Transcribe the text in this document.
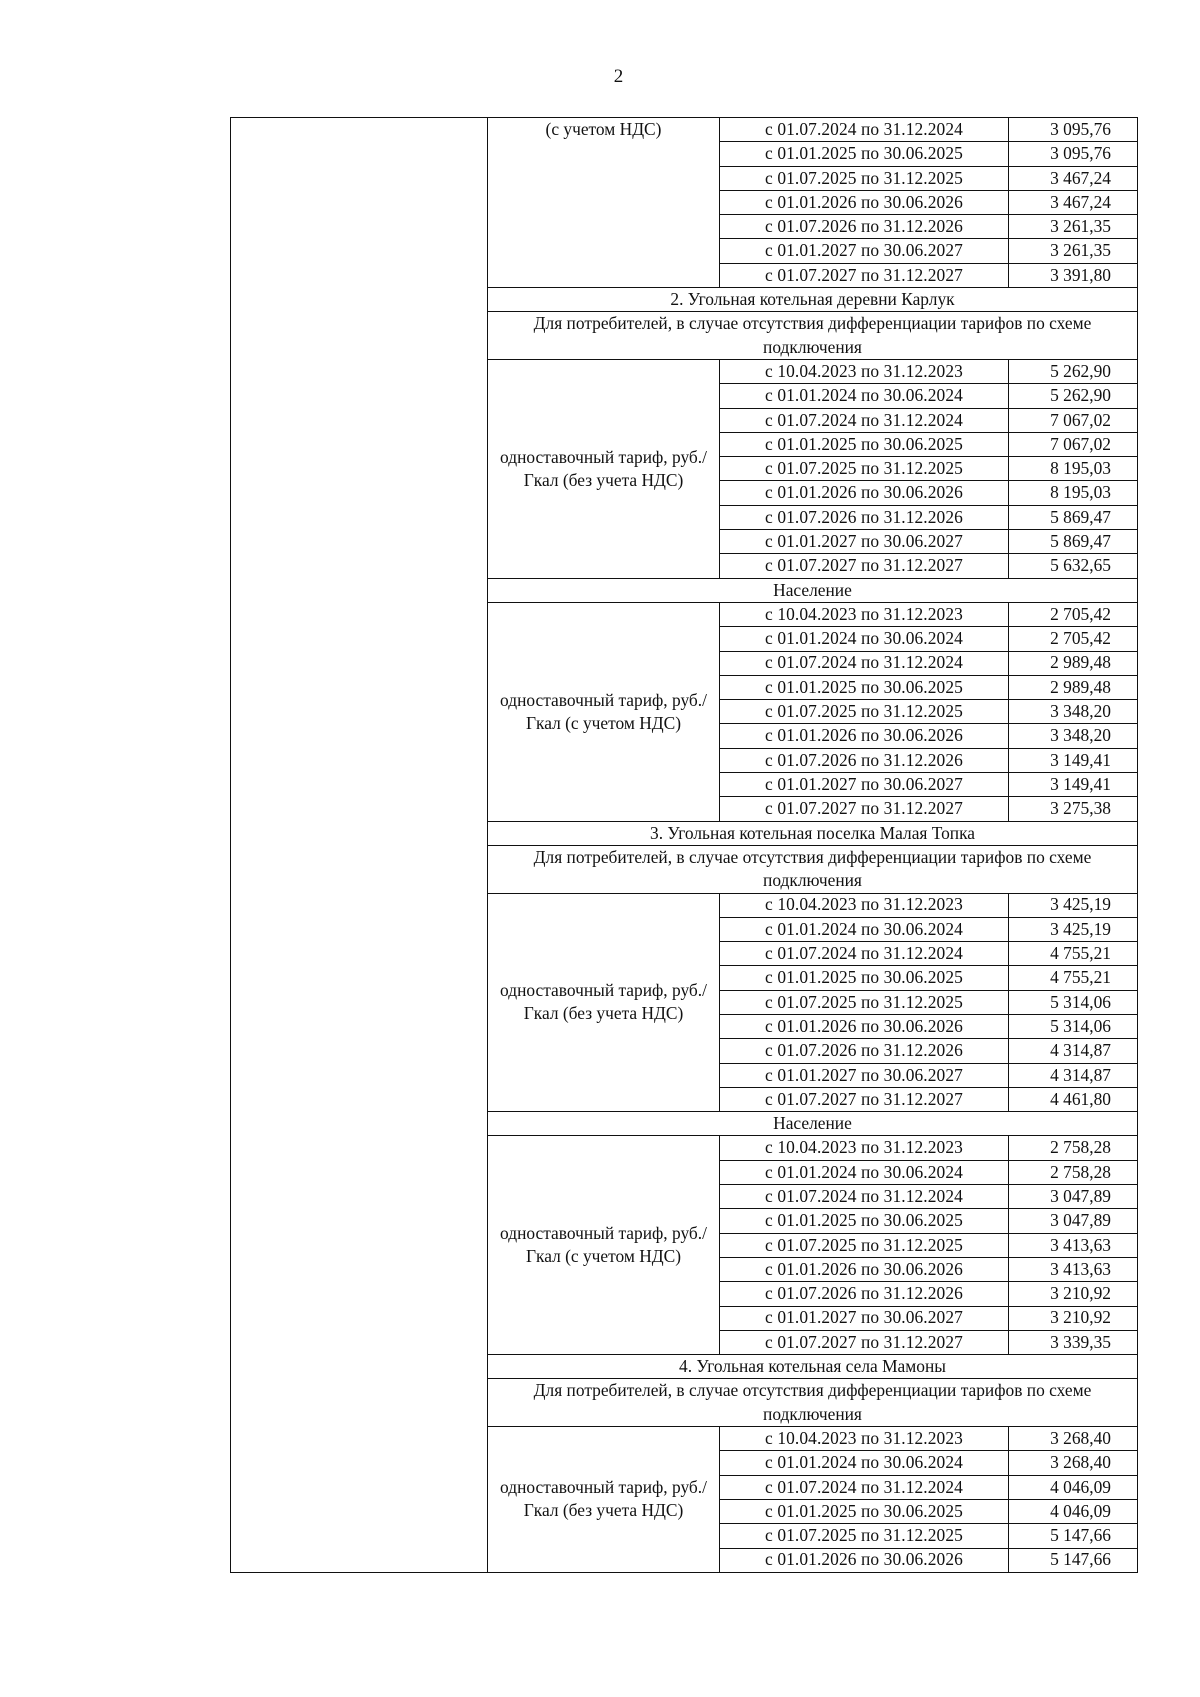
2
	(с учетом НДС)	с 01.07.2024 по 31.12.2024	3 095,76
		с 01.01.2025 по 30.06.2025	3 095,76
		с 01.07.2025 по 31.12.2025	3 467,24
		с 01.01.2026 по 30.06.2026	3 467,24
		с 01.07.2026 по 31.12.2026	3 261,35
		с 01.01.2027 по 30.06.2027	3 261,35
		с 01.07.2027 по 31.12.2027	3 391,80
	2. Угольная котельная деревни Карлук		
	Для потребителей, в случае отсутствия дифференциации тарифов по схеме подключения		
	одноставочный тариф, руб./Гкал (без учета НДС)	с 10.04.2023 по 31.12.2023	5 262,90
		с 01.01.2024 по 30.06.2024	5 262,90
		с 01.07.2024 по 31.12.2024	7 067,02
		с 01.01.2025 по 30.06.2025	7 067,02
		с 01.07.2025 по 31.12.2025	8 195,03
		с 01.01.2026 по 30.06.2026	8 195,03
		с 01.07.2026 по 31.12.2026	5 869,47
		с 01.01.2027 по 30.06.2027	5 869,47
		с 01.07.2027 по 31.12.2027	5 632,65
	Население		
	одноставочный тариф, руб./Гкал (с учетом НДС)	с 10.04.2023 по 31.12.2023	2 705,42
		с 01.01.2024 по 30.06.2024	2 705,42
		с 01.07.2024 по 31.12.2024	2 989,48
		с 01.01.2025 по 30.06.2025	2 989,48
		с 01.07.2025 по 31.12.2025	3 348,20
		с 01.01.2026 по 30.06.2026	3 348,20
		с 01.07.2026 по 31.12.2026	3 149,41
		с 01.01.2027 по 30.06.2027	3 149,41
		с 01.07.2027 по 31.12.2027	3 275,38
	3. Угольная котельная поселка Малая Топка		
	Для потребителей, в случае отсутствия дифференциации тарифов по схеме подключения		
	одноставочный тариф, руб./Гкал (без учета НДС)	с 10.04.2023 по 31.12.2023	3 425,19
		с 01.01.2024 по 30.06.2024	3 425,19
		с 01.07.2024 по 31.12.2024	4 755,21
		с 01.01.2025 по 30.06.2025	4 755,21
		с 01.07.2025 по 31.12.2025	5 314,06
		с 01.01.2026 по 30.06.2026	5 314,06
		с 01.07.2026 по 31.12.2026	4 314,87
		с 01.01.2027 по 30.06.2027	4 314,87
		с 01.07.2027 по 31.12.2027	4 461,80
	Население		
	одноставочный тариф, руб./Гкал (с учетом НДС)	с 10.04.2023 по 31.12.2023	2 758,28
		с 01.01.2024 по 30.06.2024	2 758,28
		с 01.07.2024 по 31.12.2024	3 047,89
		с 01.01.2025 по 30.06.2025	3 047,89
		с 01.07.2025 по 31.12.2025	3 413,63
		с 01.01.2026 по 30.06.2026	3 413,63
		с 01.07.2026 по 31.12.2026	3 210,92
		с 01.01.2027 по 30.06.2027	3 210,92
		с 01.07.2027 по 31.12.2027	3 339,35
	4. Угольная котельная села Мамоны		
	Для потребителей, в случае отсутствия дифференциации тарифов по схеме подключения		
	одноставочный тариф, руб./Гкал (без учета НДС)	с 10.04.2023 по 31.12.2023	3 268,40
		с 01.01.2024 по 30.06.2024	3 268,40
		с 01.07.2024 по 31.12.2024	4 046,09
		с 01.01.2025 по 30.06.2025	4 046,09
		с 01.07.2025 по 31.12.2025	5 147,66
		с 01.01.2026 по 30.06.2026	5 147,66
